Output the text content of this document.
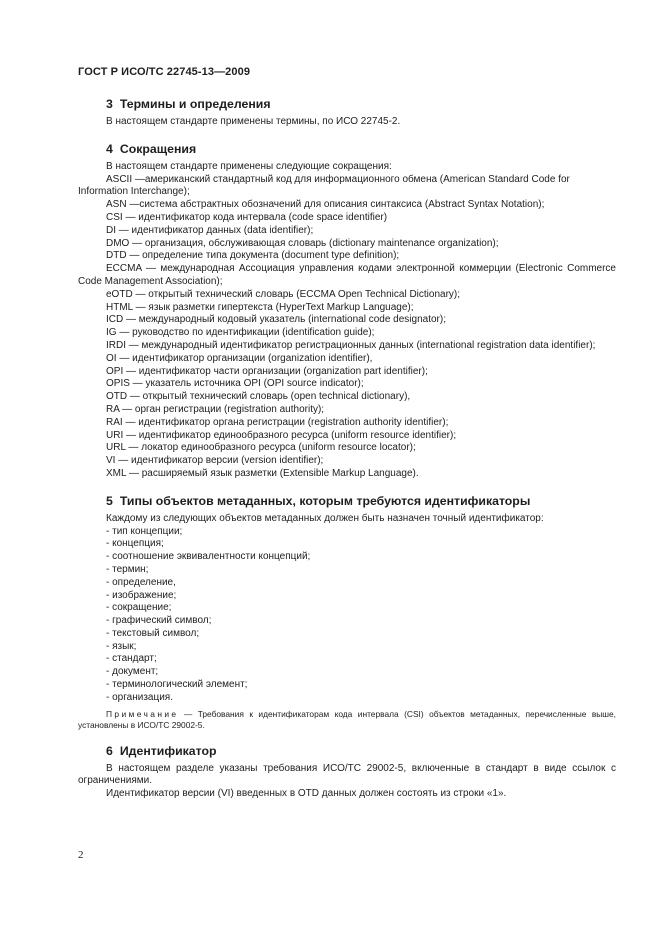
ГОСТ Р ИСО/ТС 22745-13—2009
3 Термины и определения

В настоящем стандарте применены термины, по ИСО 22745-2.

4 Сокращения

В настоящем стандарте применены следующие сокращения:

ASCII —американский стандартный код для информационного обмена (American Standard Code for Information Interchange);

ASN —система абстрактных обозначений для описания синтаксиса (Abstract Syntax Notation);

CSI — идентификатор кода интервала (code space identifier)

DI — идентификатор данных (data identifier);

DMO — организация, обслуживающая словарь (dictionary maintenance organization);

DTD — определение типа документа (document type definition);

ECCMA — международная Ассоциация управления кодами электронной коммерции (Electronic Commerce Code Management Association);

eOTD — открытый технический словарь (ECCMA Open Technical Dictionary);

HTML — язык разметки гипертекста (HyperText Markup Language);

ICD — международный кодовый указатель (international code designator);

IG — руководство по идентификации (identification guide);

IRDI — международный идентификатор регистрационных данных (international registration data identifier);

OI — идентификатор организации (organization identifier),

OPI — идентификатор части организации (organization part identifier);

OPIS — указатель источника OPI (OPI source indicator);

OTD — открытый технический словарь (open technical dictionary),

RA — орган регистрации (registration authority);

RAI — идентификатор органа регистрации (registration authority identifier);

URI — идентификатор единообразного ресурса (uniform resource identifier);

URL — локатор единообразного ресурса (uniform resource locator);

VI — идентификатор версии (version identifier);

XML — расширяемый язык разметки (Extensible Markup Language).

5 Типы объектов метаданных, которым требуются идентификаторы

Каждому из следующих объектов метаданных должен быть назначен точный идентификатор:

- тип концепции;

- концепция;

- соотношение эквивалентности концепций;

- термин;

- определение,

- изображение;

- сокращение;

- графический символ;

- текстовый символ;

- язык;

- стандарт;

- документ;

- терминологический элемент;

- организация.

Примечание — Требования к идентификаторам кода интервала (CSI) объектов метаданных, перечисленные выше, установлены в ИСО/ТС 29002-5.

6 Идентификатор

В настоящем разделе указаны требования ИСО/ТС 29002-5, включенные в стандарт в виде ссылок с ограничениями.

Идентификатор версии (VI) введенных в OTD данных должен состоять из строки «1».

2
